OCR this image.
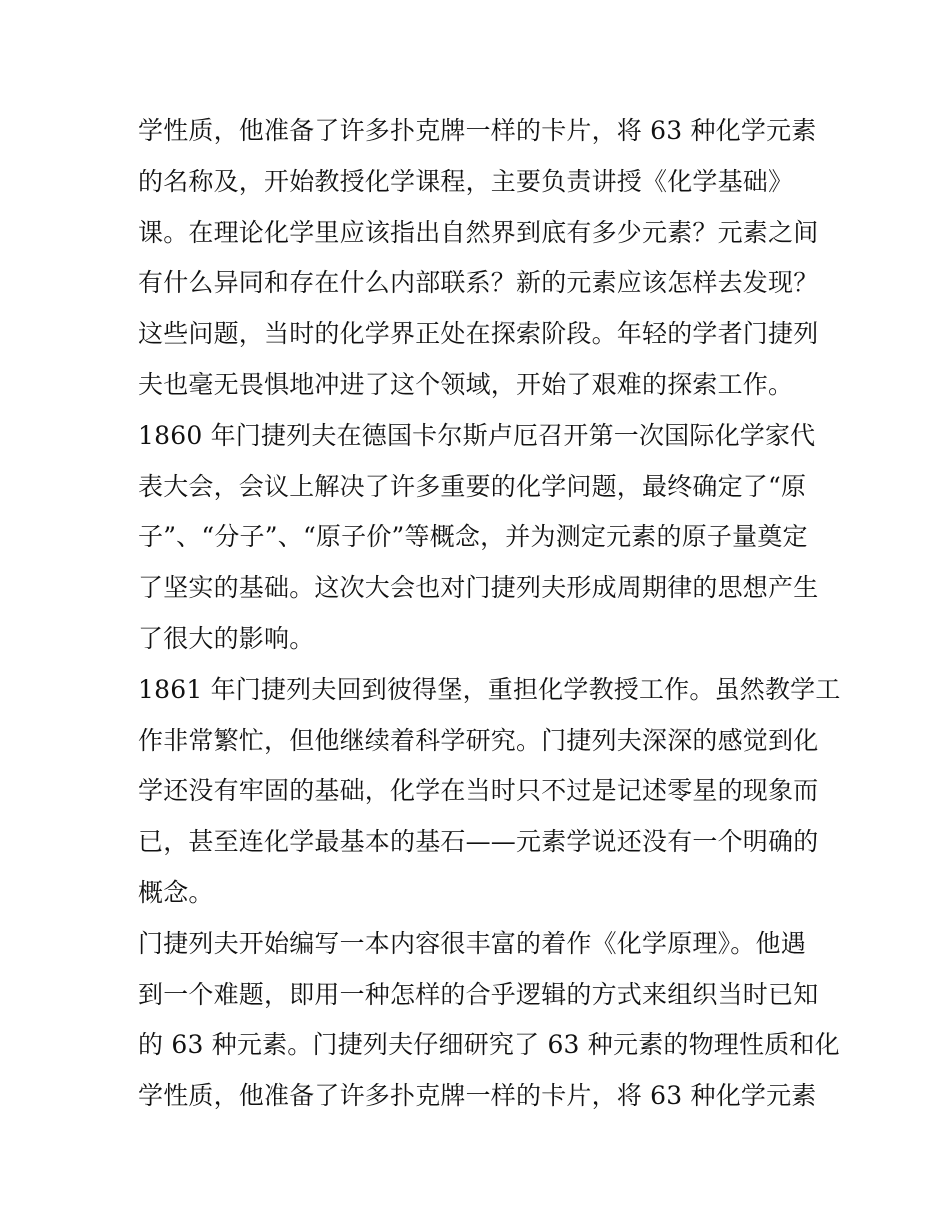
学性质，他准备了许多扑克牌一样的卡片，将 63 种化学元素
的名称及，开始教授化学课程，主要负责讲授《化学基础》
课。在理论化学里应该指出自然界到底有多少元素？元素之间
有什么异同和存在什么内部联系？新的元素应该怎样去发现？
这些问题，当时的化学界正处在探索阶段。年轻的学者门捷列
夫也毫无畏惧地冲进了这个领域，开始了艰难的探索工作。
1860 年门捷列夫在德国卡尔斯卢厄召开第一次国际化学家代
表大会，会议上解决了许多重要的化学问题，最终确定了“原
子”、“分子”、“原子价”等概念，并为测定元素的原子量奠定
了坚实的基础。这次大会也对门捷列夫形成周期律的思想产生
了很大的影响。
1861 年门捷列夫回到彼得堡，重担化学教授工作。虽然教学工
作非常繁忙，但他继续着科学研究。门捷列夫深深的感觉到化
学还没有牢固的基础，化学在当时只不过是记述零星的现象而
已，甚至连化学最基本的基石——元素学说还没有一个明确的
概念。
门捷列夫开始编写一本内容很丰富的着作《化学原理》。他遇
到一个难题，即用一种怎样的合乎逻辑的方式来组织当时已知
的 63 种元素。门捷列夫仔细研究了 63 种元素的物理性质和化
学性质，他准备了许多扑克牌一样的卡片，将 63 种化学元素
